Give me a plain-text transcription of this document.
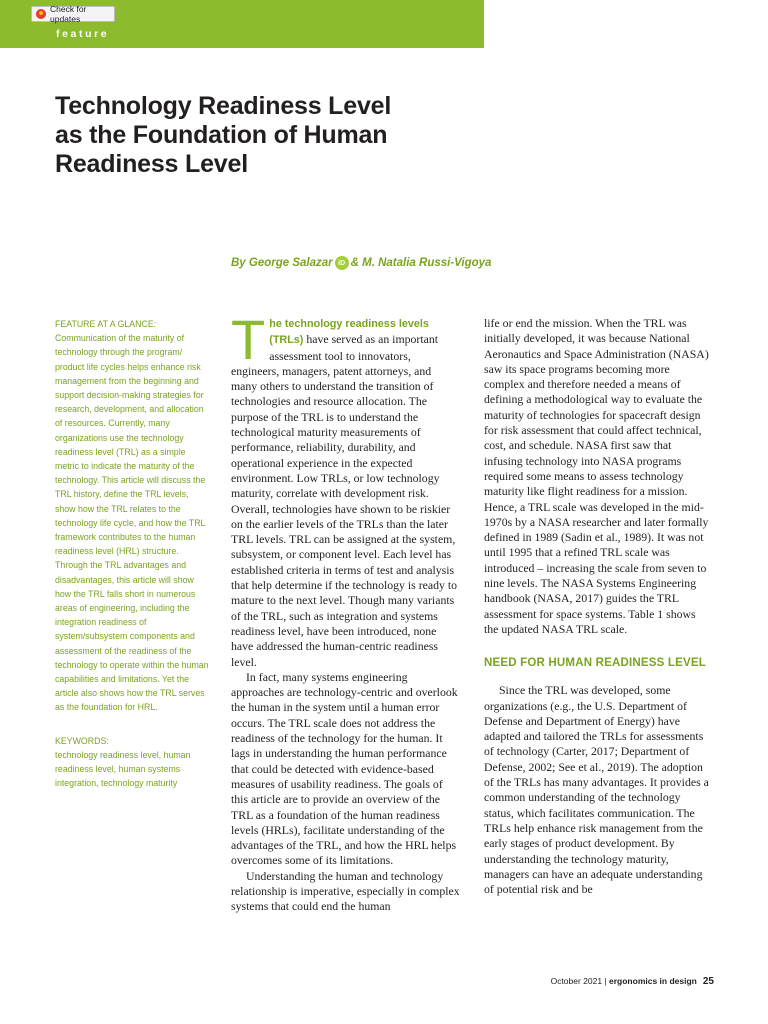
Check for updates
feature
Technology Readiness Level
as the Foundation of Human
Readiness Level
By George Salazar iD & M. Natalia Russi-Vigoya

FEATURE AT A GLANCE:

Communication of the maturity of technology through the program/ product life cycles helps enhance risk management from the beginning and support decision-making strategies for research, development, and allocation of resources. Currently, many organizations use the technology readiness level (TRL) as a simple metric to indicate the maturity of the technology. This article will discuss the TRL history, define the TRL levels, show how the TRL relates to the technology life cycle, and how the TRL framework contributes to the human readiness level (HRL) structure. Through the TRL advantages and disadvantages, this article will show how the TRL falls short in numerous areas of engineering, including the integration readiness of system/subsystem components and assessment of the readiness of the technology to operate within the human capabilities and limitations. Yet the article also shows how the TRL serves as the foundation for HRL.

KEYWORDS:

technology readiness level, human readiness level, human systems integration, technology maturity

The technology readiness levels (TRLs) have served as an important assessment tool to innovators, engineers, managers, patent attorneys, and many others to understand the transition of technologies and resource allocation. The purpose of the TRL is to understand the technological maturity measurements of performance, reliability, durability, and operational experience in the expected environment. Low TRLs, or low technology maturity, correlate with development risk. Overall, technologies have shown to be riskier on the earlier levels of the TRLs than the later TRL levels. TRL can be assigned at the system, subsystem, or component level. Each level has established criteria in terms of test and analysis that help determine if the technology is ready to mature to the next level. Though many variants of the TRL, such as integration and systems readiness level, have been introduced, none have addressed the human-centric readiness level.

In fact, many systems engineering approaches are technology-centric and overlook the human in the system until a human error occurs. The TRL scale does not address the readiness of the technology for the human. It lags in understanding the human performance that could be detected with evidence-based measures of usability readiness. The goals of this article are to provide an overview of the TRL as a foundation of the human readiness levels (HRLs), facilitate understanding of the advantages of the TRL, and how the HRL helps overcomes some of its limitations.

Understanding the human and technology relationship is imperative, especially in complex systems that could end the human

life or end the mission. When the TRL was initially developed, it was because National Aeronautics and Space Administration (NASA) saw its space programs becoming more complex and therefore needed a means of defining a methodological way to evaluate the maturity of technologies for spacecraft design for risk assessment that could affect technical, cost, and schedule. NASA first saw that infusing technology into NASA programs required some means to assess technology maturity like flight readiness for a mission. Hence, a TRL scale was developed in the mid-1970s by a NASA researcher and later formally defined in 1989 (Sadin et al., 1989). It was not until 1995 that a refined TRL scale was introduced – increasing the scale from seven to nine levels. The NASA Systems Engineering handbook (NASA, 2017) guides the TRL assessment for space systems. Table 1 shows the updated NASA TRL scale.

NEED FOR HUMAN READINESS LEVEL

Since the TRL was developed, some organizations (e.g., the U.S. Department of Defense and Department of Energy) have adapted and tailored the TRLs for assessments of technology (Carter, 2017; Department of Defense, 2002; See et al., 2019). The adoption of the TRLs has many advantages. It provides a common understanding of the technology status, which facilitates communication. The TRLs help enhance risk management from the early stages of product development. By understanding the technology maturity, managers can have an adequate understanding of potential risk and be

October 2021 | ergonomics in design 25
